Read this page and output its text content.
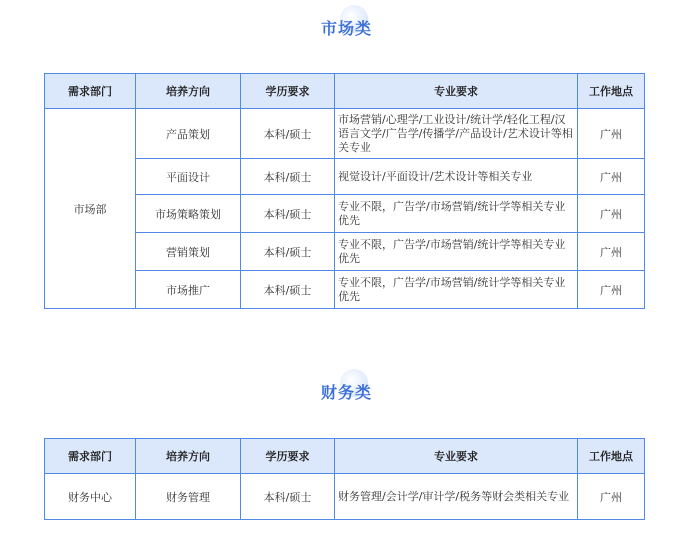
市场类
需求部门	培养方向	学历要求	专业要求	工作地点
市场部	产品策划	本科/硕士	市场营销/心理学/工业设计/统计学/轻化工程/汉语言文学/广告学/传播学/产品设计/艺术设计等相关专业	广州
	平面设计	本科/硕士	视觉设计/平面设计/艺术设计等相关专业	广州
	市场策略策划	本科/硕士	专业不限，广告学/市场营销/统计学等相关专业优先	广州
	营销策划	本科/硕士	专业不限，广告学/市场营销/统计学等相关专业优先	广州
	市场推广	本科/硕士	专业不限，广告学/市场营销/统计学等相关专业优先	广州
财务类
需求部门	培养方向	学历要求	专业要求	工作地点
财务中心	财务管理	本科/硕士	财务管理/会计学/审计学/税务等财会类相关专业	广州
